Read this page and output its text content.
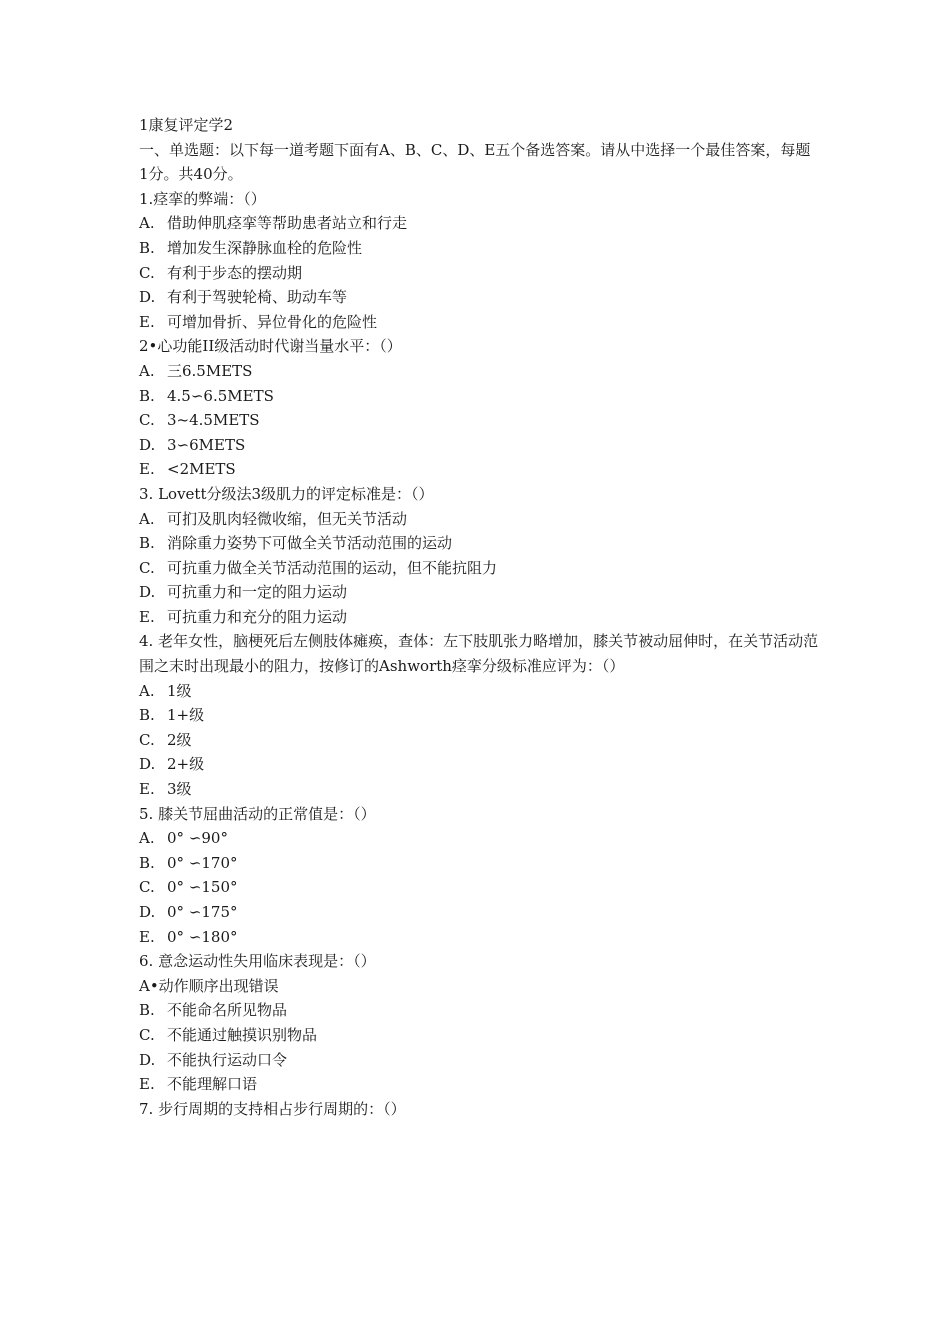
1康复评定学2
一、单选题：以下每一道考题下面有A、B、C、D、E五个备选答案。请从中选择一个最佳答案，每题1分。共40分。
1.痉挛的弊端：（）
A. 借助伸肌痉挛等帮助患者站立和行走
B. 增加发生深静脉血栓的危险性
C. 有利于步态的摆动期
D. 有利于驾驶轮椅、助动车等
E. 可增加骨折、异位骨化的危险性
2•心功能II级活动时代谢当量水平：（）
A. 三6.5METS
B. 4.5∽6.5METS
C. 3~4.5METS
D. 3∽6METS
E. <2METS
3. Lovett分级法3级肌力的评定标准是：（）
A. 可扪及肌肉轻微收缩，但无关节活动
B. 消除重力姿势下可做全关节活动范围的运动
C. 可抗重力做全关节活动范围的运动，但不能抗阻力
D. 可抗重力和一定的阻力运动
E. 可抗重力和充分的阻力运动
4. 老年女性，脑梗死后左侧肢体瘫痪，查体：左下肢肌张力略增加，膝关节被动屈伸时，在关节活动范围之末时出现最小的阻力，按修订的Ashworth痉挛分级标准应评为：（）
A. 1级
B. 1+级
C. 2级
D. 2+级
E. 3级
5. 膝关节屈曲活动的正常值是：（）
A. 0° ∽90°
B. 0° ∽170°
C. 0° ∽150°
D. 0° ∽175°
E. 0° ∽180°
6. 意念运动性失用临床表现是：（）
A•动作顺序出现错误
B. 不能命名所见物品
C. 不能通过触摸识别物品
D. 不能执行运动口令
E. 不能理解口语
7. 步行周期的支持相占步行周期的：（）
